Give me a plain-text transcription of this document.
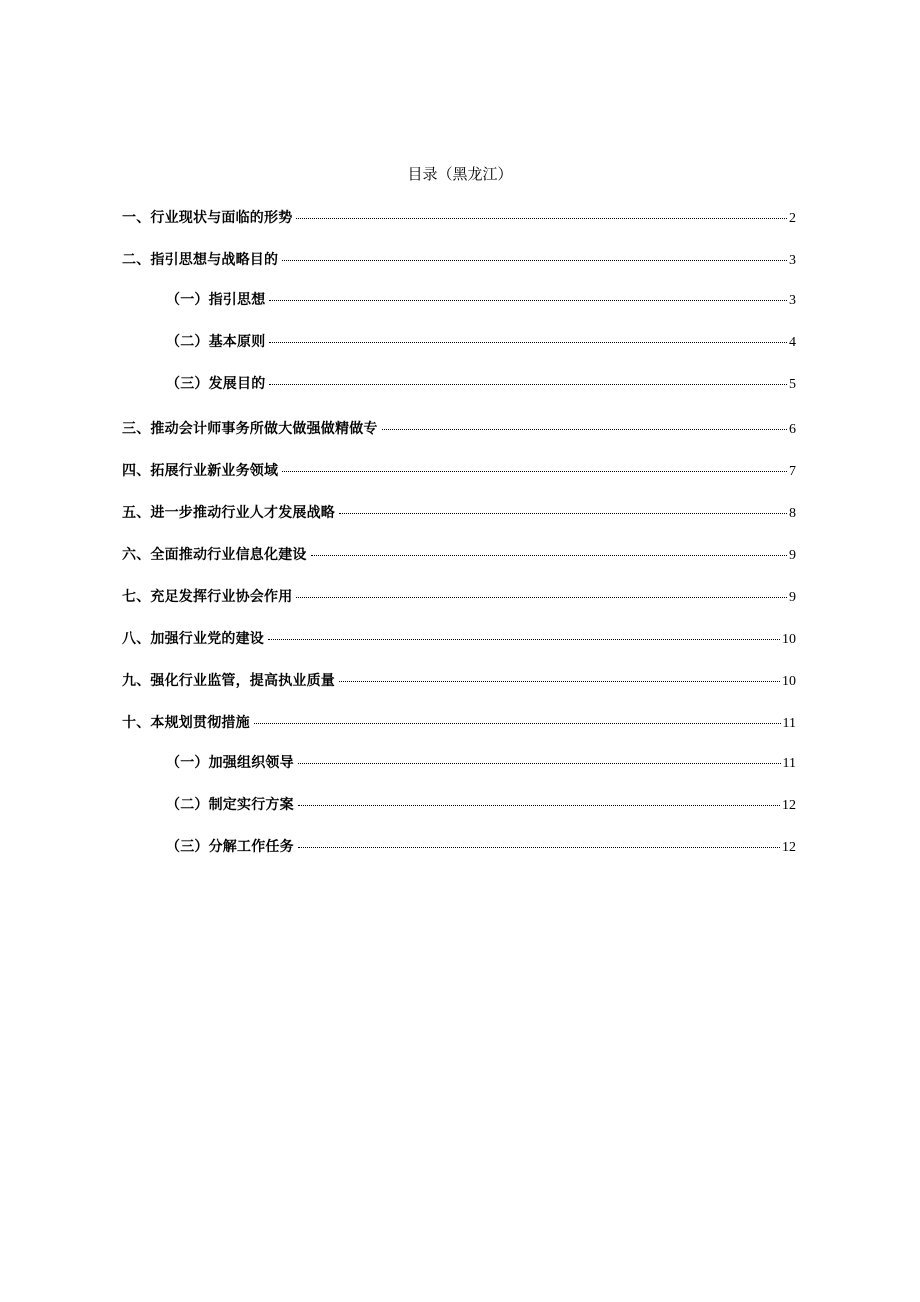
目录（黑龙江）
一、行业现状与面临的形势	2
二、指引思想与战略目的	3
（一）指引思想	3
（二）基本原则	4
（三）发展目的	5
三、推动会计师事务所做大做强做精做专	6
四、拓展行业新业务领域	7
五、进一步推动行业人才发展战略	8
六、全面推动行业信息化建设	9
七、充足发挥行业协会作用	9
八、加强行业党的建设	10
九、强化行业监管，提高执业质量	10
十、本规划贯彻措施	11
（一）加强组织领导	11
（二）制定实行方案	12
（三）分解工作任务	12
